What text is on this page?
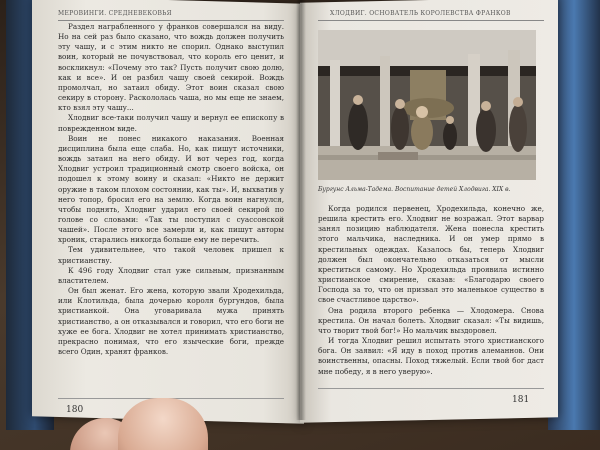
МЕРОВИНГИ. СРЕДНЕВЕКОВЬЯ

Раздел награбленного у франков совершался на виду. Но на сей раз было сказано, что вождь должен получить эту чашу, и с этим никто не спорил. Однако выступил воин, который не почувствовал, что король его ценит, и воскликнул: «Почему это так? Пусть получит свою долю, как и все». И он разбил чашу своей секирой. Вождь промолчал, но затаил обиду. Этот воин сказал свою секиру в сторону. Раскололась чаша, но мы еще не знаем, кто взял эту чашу...

Хлодвиг все-таки получил чашу и вернул ее епископу в поврежденном виде.

Воин не понес никакого наказания. Военная дисциплина была еще слаба. Но, как пишут источники, вождь затаил на него обиду. И вот через год, когда Хлодвиг устроил традиционный смотр своего войска, он подошел к этому воину и сказал: «Никто не держит оружие в таком плохом состоянии, как ты». И, выхватив у него топор, бросил его на землю. Когда воин нагнулся, чтобы поднять, Хлодвиг ударил его своей секирой по голове со словами: «Так ты поступил с суассонской чашей». После этого все замерли и, как пишут авторы хроник, старались никогда больше ему не перечить.

Тем удивительнее, что такой человек пришел к христианству.

К 496 году Хлодвиг стал уже сильным, признанным властителем.

Он был женат. Его жена, которую звали Хродехильда, или Клотильда, была дочерью короля бургундов, была христианкой. Она уговаривала мужа принять христианство, а он отказывался и говорил, что его боги не хуже ее бога. Хлодвиг не хотел принимать христианство, прекрасно понимая, что его языческие боги, прежде всего Один, хранят франков.

180
ХЛОДВИГ. ОСНОВАТЕЛЬ КОРОЛЕВСТВА ФРАНКОВ
Бургунс Альма-Тадема. Воспитание детей Хлодвига. XIX в.

Когда родился первенец, Хродехильда, конечно же, решила крестить его. Хлодвиг не возражал. Этот варвар занял позицию наблюдателя. Жена понесла крестить этого мальчика, наследника. И он умер прямо в крестильных одеждах. Казалось бы, теперь Хлодвиг должен был окончательно отказаться от мысли креститься самому. Но Хродехильда проявила истинно христианское смирение, сказав: «Благодарю своего Господа за то, что он призвал это маленькое существо в свое счастливое царство».

Она родила второго ребенка — Хлодомера. Снова крестила. Он начал болеть. Хлодвиг сказал: «Ты видишь, что творит твой бог!» Но мальчик выздоровел.

И тогда Хлодвиг решил испытать этого христианского бога. Он заявил: «Я иду в поход против алеманнов. Они воинственны, опасны. Поход тяжелый. Если твой бог даст мне победу, я в него уверую».

181
